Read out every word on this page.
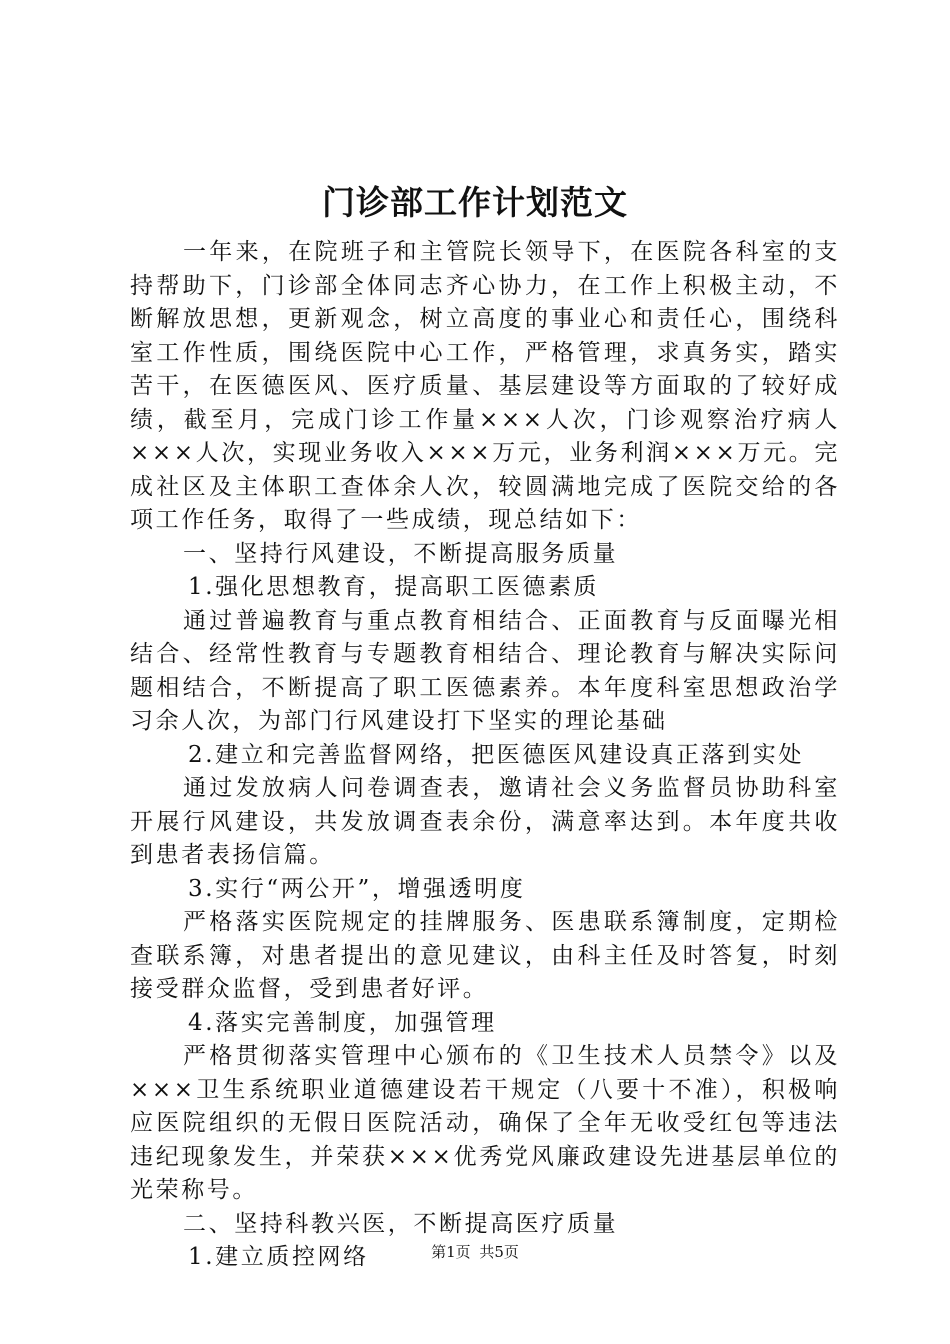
门诊部工作计划范文

一年来，在院班子和主管院长领导下，在医院各科室的支持帮助下，门诊部全体同志齐心协力，在工作上积极主动，不断解放思想，更新观念，树立高度的事业心和责任心，围绕科室工作性质，围绕医院中心工作，严格管理，求真务实，踏实苦干，在医德医风、医疗质量、基层建设等方面取的了较好成绩，截至月，完成门诊工作量×××人次，门诊观察治疗病人×××人次，实现业务收入×××万元，业务利润×××万元。完成社区及主体职工查体余人次，较圆满地完成了医院交给的各项工作任务，取得了一些成绩，现总结如下：

一、坚持行风建设，不断提高服务质量

1.强化思想教育，提高职工医德素质

通过普遍教育与重点教育相结合、正面教育与反面曝光相结合、经常性教育与专题教育相结合、理论教育与解决实际问题相结合，不断提高了职工医德素养。本年度科室思想政治学习余人次，为部门行风建设打下坚实的理论基础

2.建立和完善监督网络，把医德医风建设真正落到实处

通过发放病人问卷调查表，邀请社会义务监督员协助科室开展行风建设，共发放调查表余份，满意率达到。本年度共收到患者表扬信篇。

3.实行“两公开”，增强透明度

严格落实医院规定的挂牌服务、医患联系簿制度，定期检查联系簿，对患者提出的意见建议，由科主任及时答复，时刻接受群众监督，受到患者好评。

4.落实完善制度，加强管理

严格贯彻落实管理中心颁布的《卫生技术人员禁令》以及×××卫生系统职业道德建设若干规定（八要十不准），积极响应医院组织的无假日医院活动，确保了全年无收受红包等违法违纪现象发生，并荣获×××优秀党风廉政建设先进基层单位的光荣称号。

二、坚持科教兴医，不断提高医疗质量

1.建立质控网络	第1页 共5页
